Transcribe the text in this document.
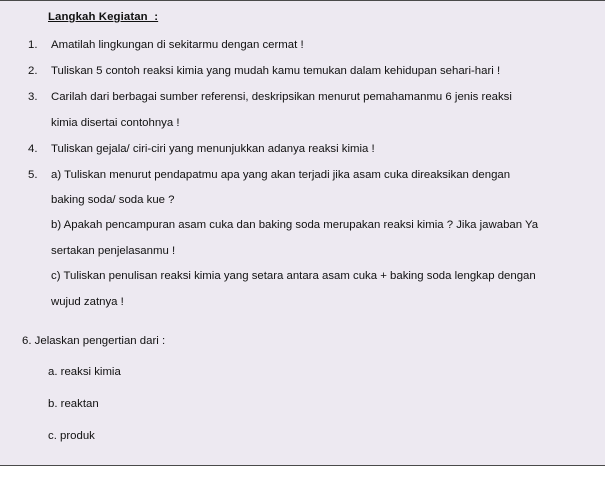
Langkah Kegiatan  :
1. Amatilah lingkungan di sekitarmu dengan cermat !
2. Tuliskan 5 contoh reaksi kimia yang mudah kamu temukan dalam kehidupan sehari-hari !
3. Carilah dari berbagai sumber referensi, deskripsikan menurut pemahamanmu 6 jenis reaksi
kimia disertai contohnya !
4. Tuliskan gejala/ ciri-ciri yang menunjukkan adanya reaksi kimia !
5. a) Tuliskan menurut pendapatmu apa yang akan terjadi jika asam cuka direaksikan dengan
baking soda/ soda kue ?
b) Apakah pencampuran asam cuka dan baking soda merupakan reaksi kimia ? Jika jawaban Ya
sertakan penjelasanmu !
c) Tuliskan penulisan reaksi kimia yang setara antara asam cuka + baking soda lengkap dengan
wujud zatnya !
6. Jelaskan pengertian dari :
a. reaksi kimia
b. reaktan
c. produk
